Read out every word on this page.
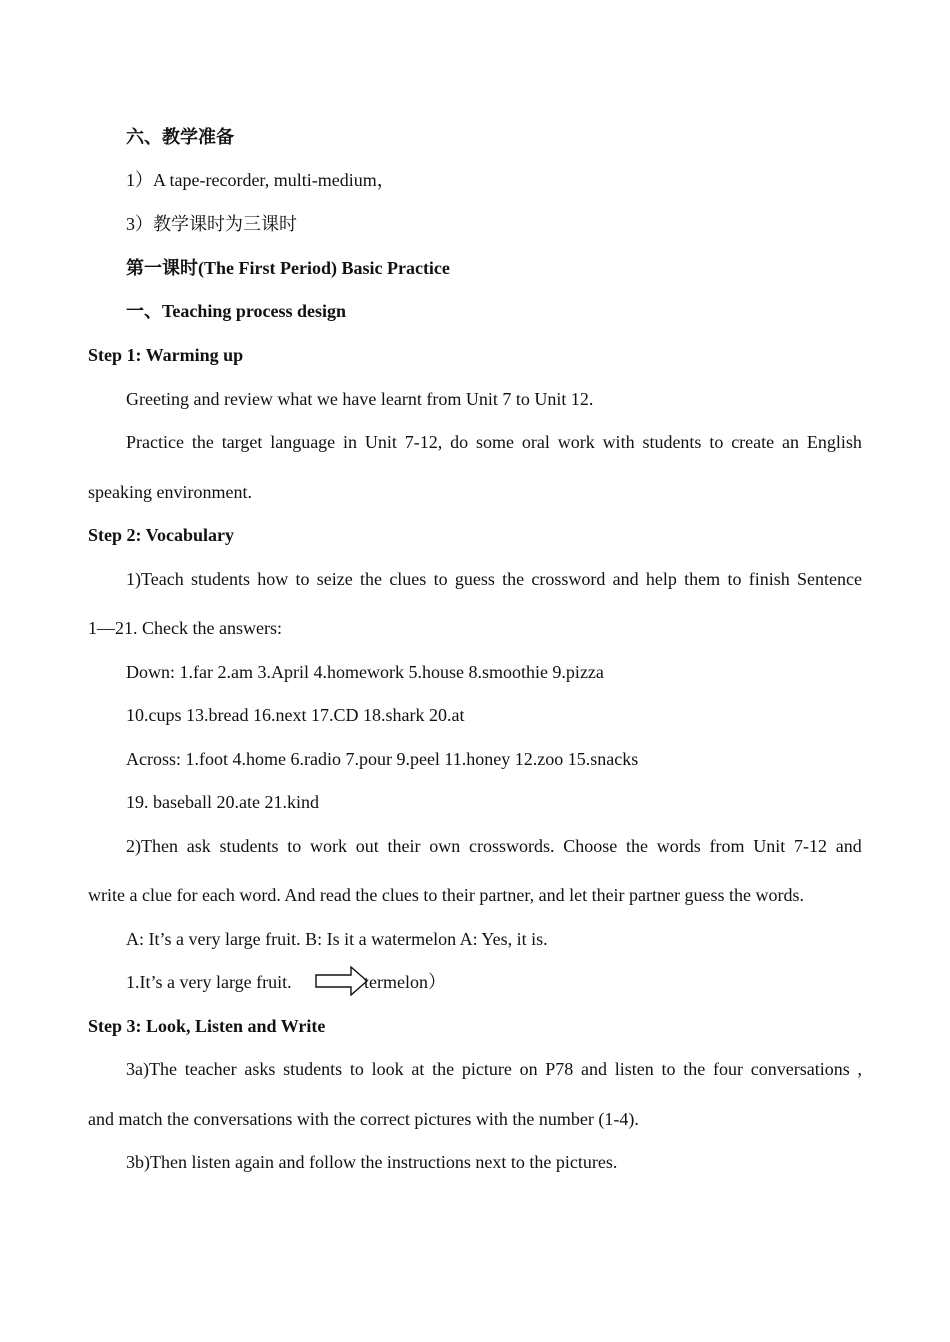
六、教学准备
1）A tape-recorder, multi-medium，
3）教学课时为三课时
第一课时(The First Period) Basic Practice
一、Teaching process design
Step 1: Warming up
Greeting and review what we have learnt from Unit 7 to Unit 12.
Practice the target language in Unit 7-12, do some oral work with students to create an English
speaking environment.
Step 2: Vocabulary
1)Teach students how to seize the clues to guess the crossword and help them to finish Sentence
1—21. Check the answers:
Down: 1.far 2.am 3.April 4.homework 5.house 8.smoothie 9.pizza
10.cups 13.bread 16.next 17.CD 18.shark 20.at
Across: 1.foot 4.home 6.radio 7.pour 9.peel 11.honey 12.zoo 15.snacks
19. baseball 20.ate 21.kind
2)Then ask students to work out their own crosswords. Choose the words from Unit 7-12 and
write a clue for each word. And read the clues to their partner, and let their partner guess the words.
A: It’s a very large fruit. B: Is it a watermelon A: Yes, it is.
1.It’s a very large fruit.	termelon）
Step 3: Look, Listen and Write
3a)The teacher asks students to look at the picture on P78 and listen to the four conversations ,
and match the conversations with the correct pictures with the number (1-4).
3b)Then listen again and follow the instructions next to the pictures.
